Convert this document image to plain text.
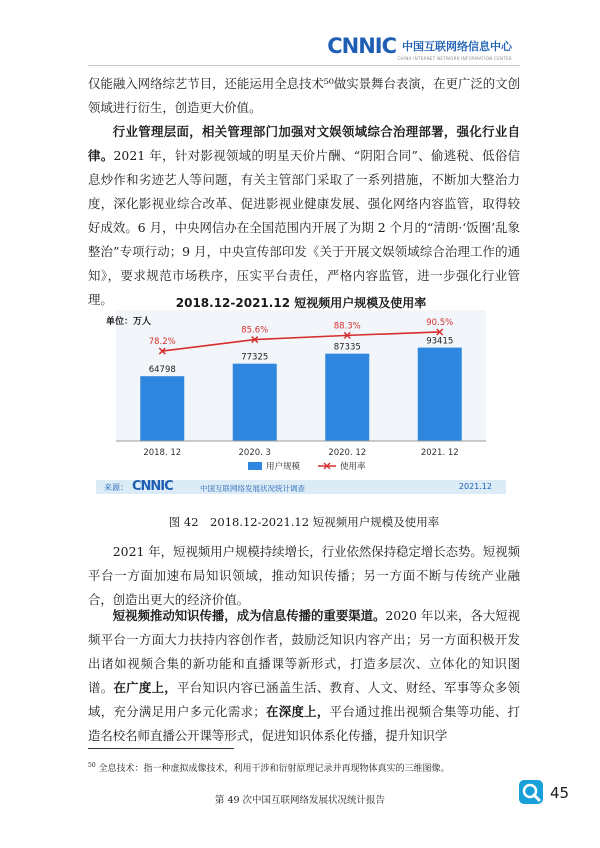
CNNIC 中国互联网络信息中心
CHINA INTERNET NETWORK INFORMATION CENTER

仅能融入网络综艺节目，还能运用全息技术⁵⁰做实景舞台表演，在更广泛的文创领域进行衍生，创造更大价值。

行业管理层面，相关管理部门加强对文娱领域综合治理部署，强化行业自律。2021 年，针对影视领域的明星天价片酬、“阴阳合同”、偷逃税、低俗信息炒作和劣迹艺人等问题，有关主管部门采取了一系列措施，不断加大整治力度，深化影视业综合改革、促进影视业健康发展、强化网络内容监管，取得较好成效。6 月，中央网信办在全国范围内开展了为期 2 个月的“清朗·‘饭圈’乱象整治”专项行动；9 月，中央宣传部印发《关于开展文娱领域综合治理工作的通知》，要求规范市场秩序，压实平台责任，严格内容监管，进一步强化行业管理。

64798
2018. 12
77325
2020. 3
87335
2020. 12
93415
2021. 12
78.2%
85.6%	88.3%	90.5%
用户规模	使用率
2018.12-2021.12 短视频用户规模及使用率
单位：万人
来源： CNNIC	中国互联网络发展状况统计调查	2021.12
图 42　2018.12-2021.12 短视频用户规模及使用率

2021 年，短视频用户规模持续增长，行业依然保持稳定增长态势。短视频平台一方面加速布局知识领域，推动知识传播；另一方面不断与传统产业融合，创造出更大的经济价值。

短视频推动知识传播，成为信息传播的重要渠道。2020 年以来，各大短视频平台一方面大力扶持内容创作者，鼓励泛知识内容产出；另一方面积极开发出诸如视频合集的新功能和直播课等新形式，打造多层次、立体化的知识图谱。在广度上，平台知识内容已涵盖生活、教育、人文、财经、军事等众多领域，充分满足用户多元化需求；在深度上，平台通过推出视频合集等功能、打造名校名师直播公开课等形式，促进知识体系化传播，提升知识学

$^{50}$ 全息技术：指一种虚拟成像技术，利用干涉和衍射原理记录并再现物体真实的三维图像。
第 49 次中国互联网络发展状况统计报告	45
